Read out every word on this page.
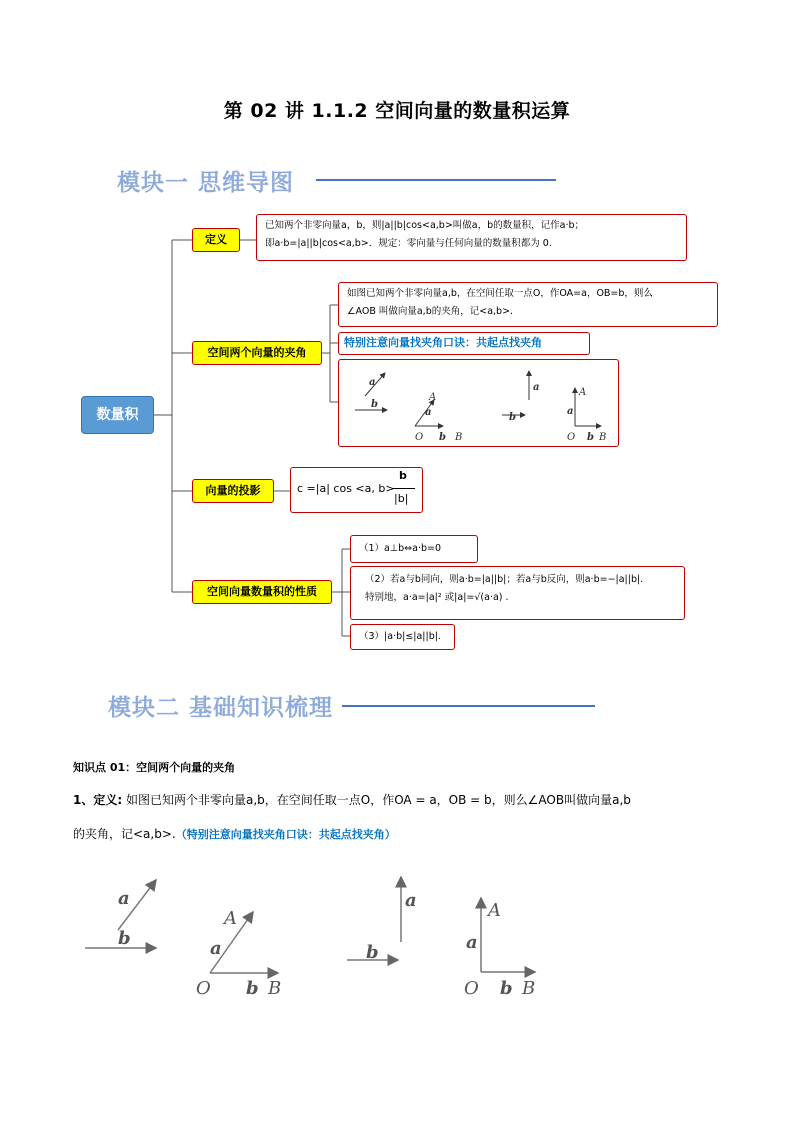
第 02 讲 1.1.2 空间向量的数量积运算
模块一 思维导图
数量积
定义
已知两个非零向量a，b，则|a||b|cos<a,b>叫做a，b的数量积，记作a·b；
即a·b=|a||b|cos<a,b>．规定：零向量与任何向量的数量积都为 0.
空间两个向量的夹角
如图已知两个非零向量a,b，在空间任取一点O，作OA=a，OB=b，则么
∠AOB 叫做向量a,b的夹角，记<a,b>.
特别注意向量找夹角口诀：共起点找夹角
a
b
a
A
O b B
a
b
A
a
O b B
向量的投影	c =|a| cos <a, b>
b
|b|
空间向量数量积的性质
（1）a⊥b⇔a·b=0
（2）若a与b同向，则a·b=|a||b|；若a与b反向，则a·b=−|a||b|.
特别地，a·a=|a|² 或|a|=√(a·a) .
（3）|a·b|≤|a||b|.
模块二 基础知识梳理
知识点 01：空间两个向量的夹角
1、定义: 如图已知两个非零向量a,b，在空间任取一点O，作OA = a，OB = b，则么∠AOB叫做向量a,b
的夹角，记<a,b>.（特别注意向量找夹角口诀：共起点找夹角）
a
b	a
A
O b B
a
b
A
a
O b B
